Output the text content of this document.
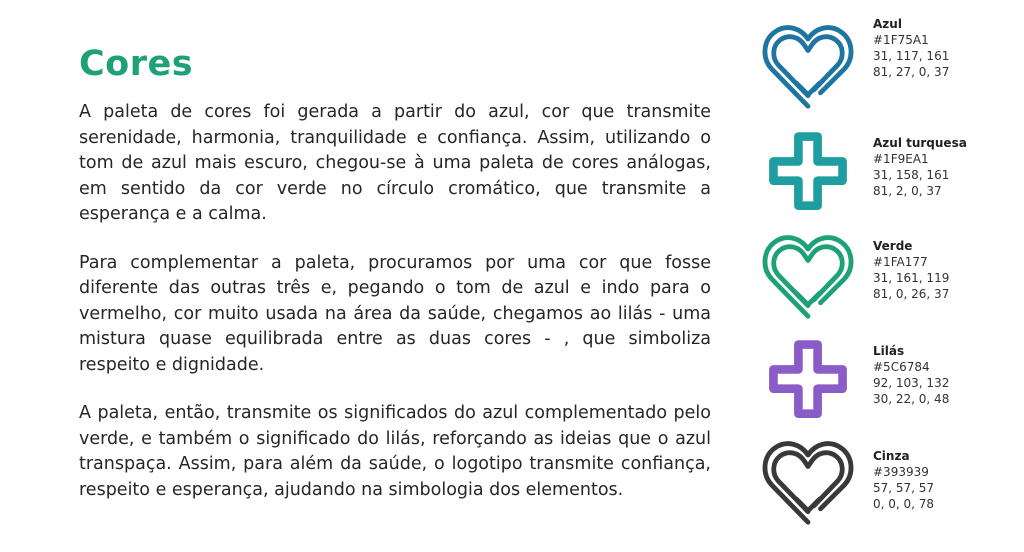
Cores

A paleta de cores foi gerada a partir do azul, cor que transmite serenidade, harmonia, tranquilidade e confiança. Assim, utilizando o tom de azul mais escuro, chegou-se à uma paleta de cores análogas, em sentido da cor verde no círculo cromático, que transmite a esperança e a calma.

Para complementar a paleta, procuramos por uma cor que fosse diferente das outras três e, pegando o tom de azul e indo para o vermelho, cor muito usada na área da saúde, chegamos ao lilás - uma mistura quase equilibrada entre as duas cores - , que simboliza respeito e dignidade.

A paleta, então, transmite os significados do azul complementado pelo verde, e também o significado do lilás, reforçando as ideias que o azul transpaça. Assim, para além da saúde, o logotipo transmite confiança, respeito e esperança, ajudando na simbologia dos elementos.

Azul
#1F75A1
31, 117, 161
81, 27, 0, 37
Azul turquesa
#1F9EA1
31, 158, 161
81, 2, 0, 37
Verde
#1FA177
31, 161, 119
81, 0, 26, 37
Lilás
#5C6784
92, 103, 132
30, 22, 0, 48
Cinza
#393939
57, 57, 57
0, 0, 0, 78
